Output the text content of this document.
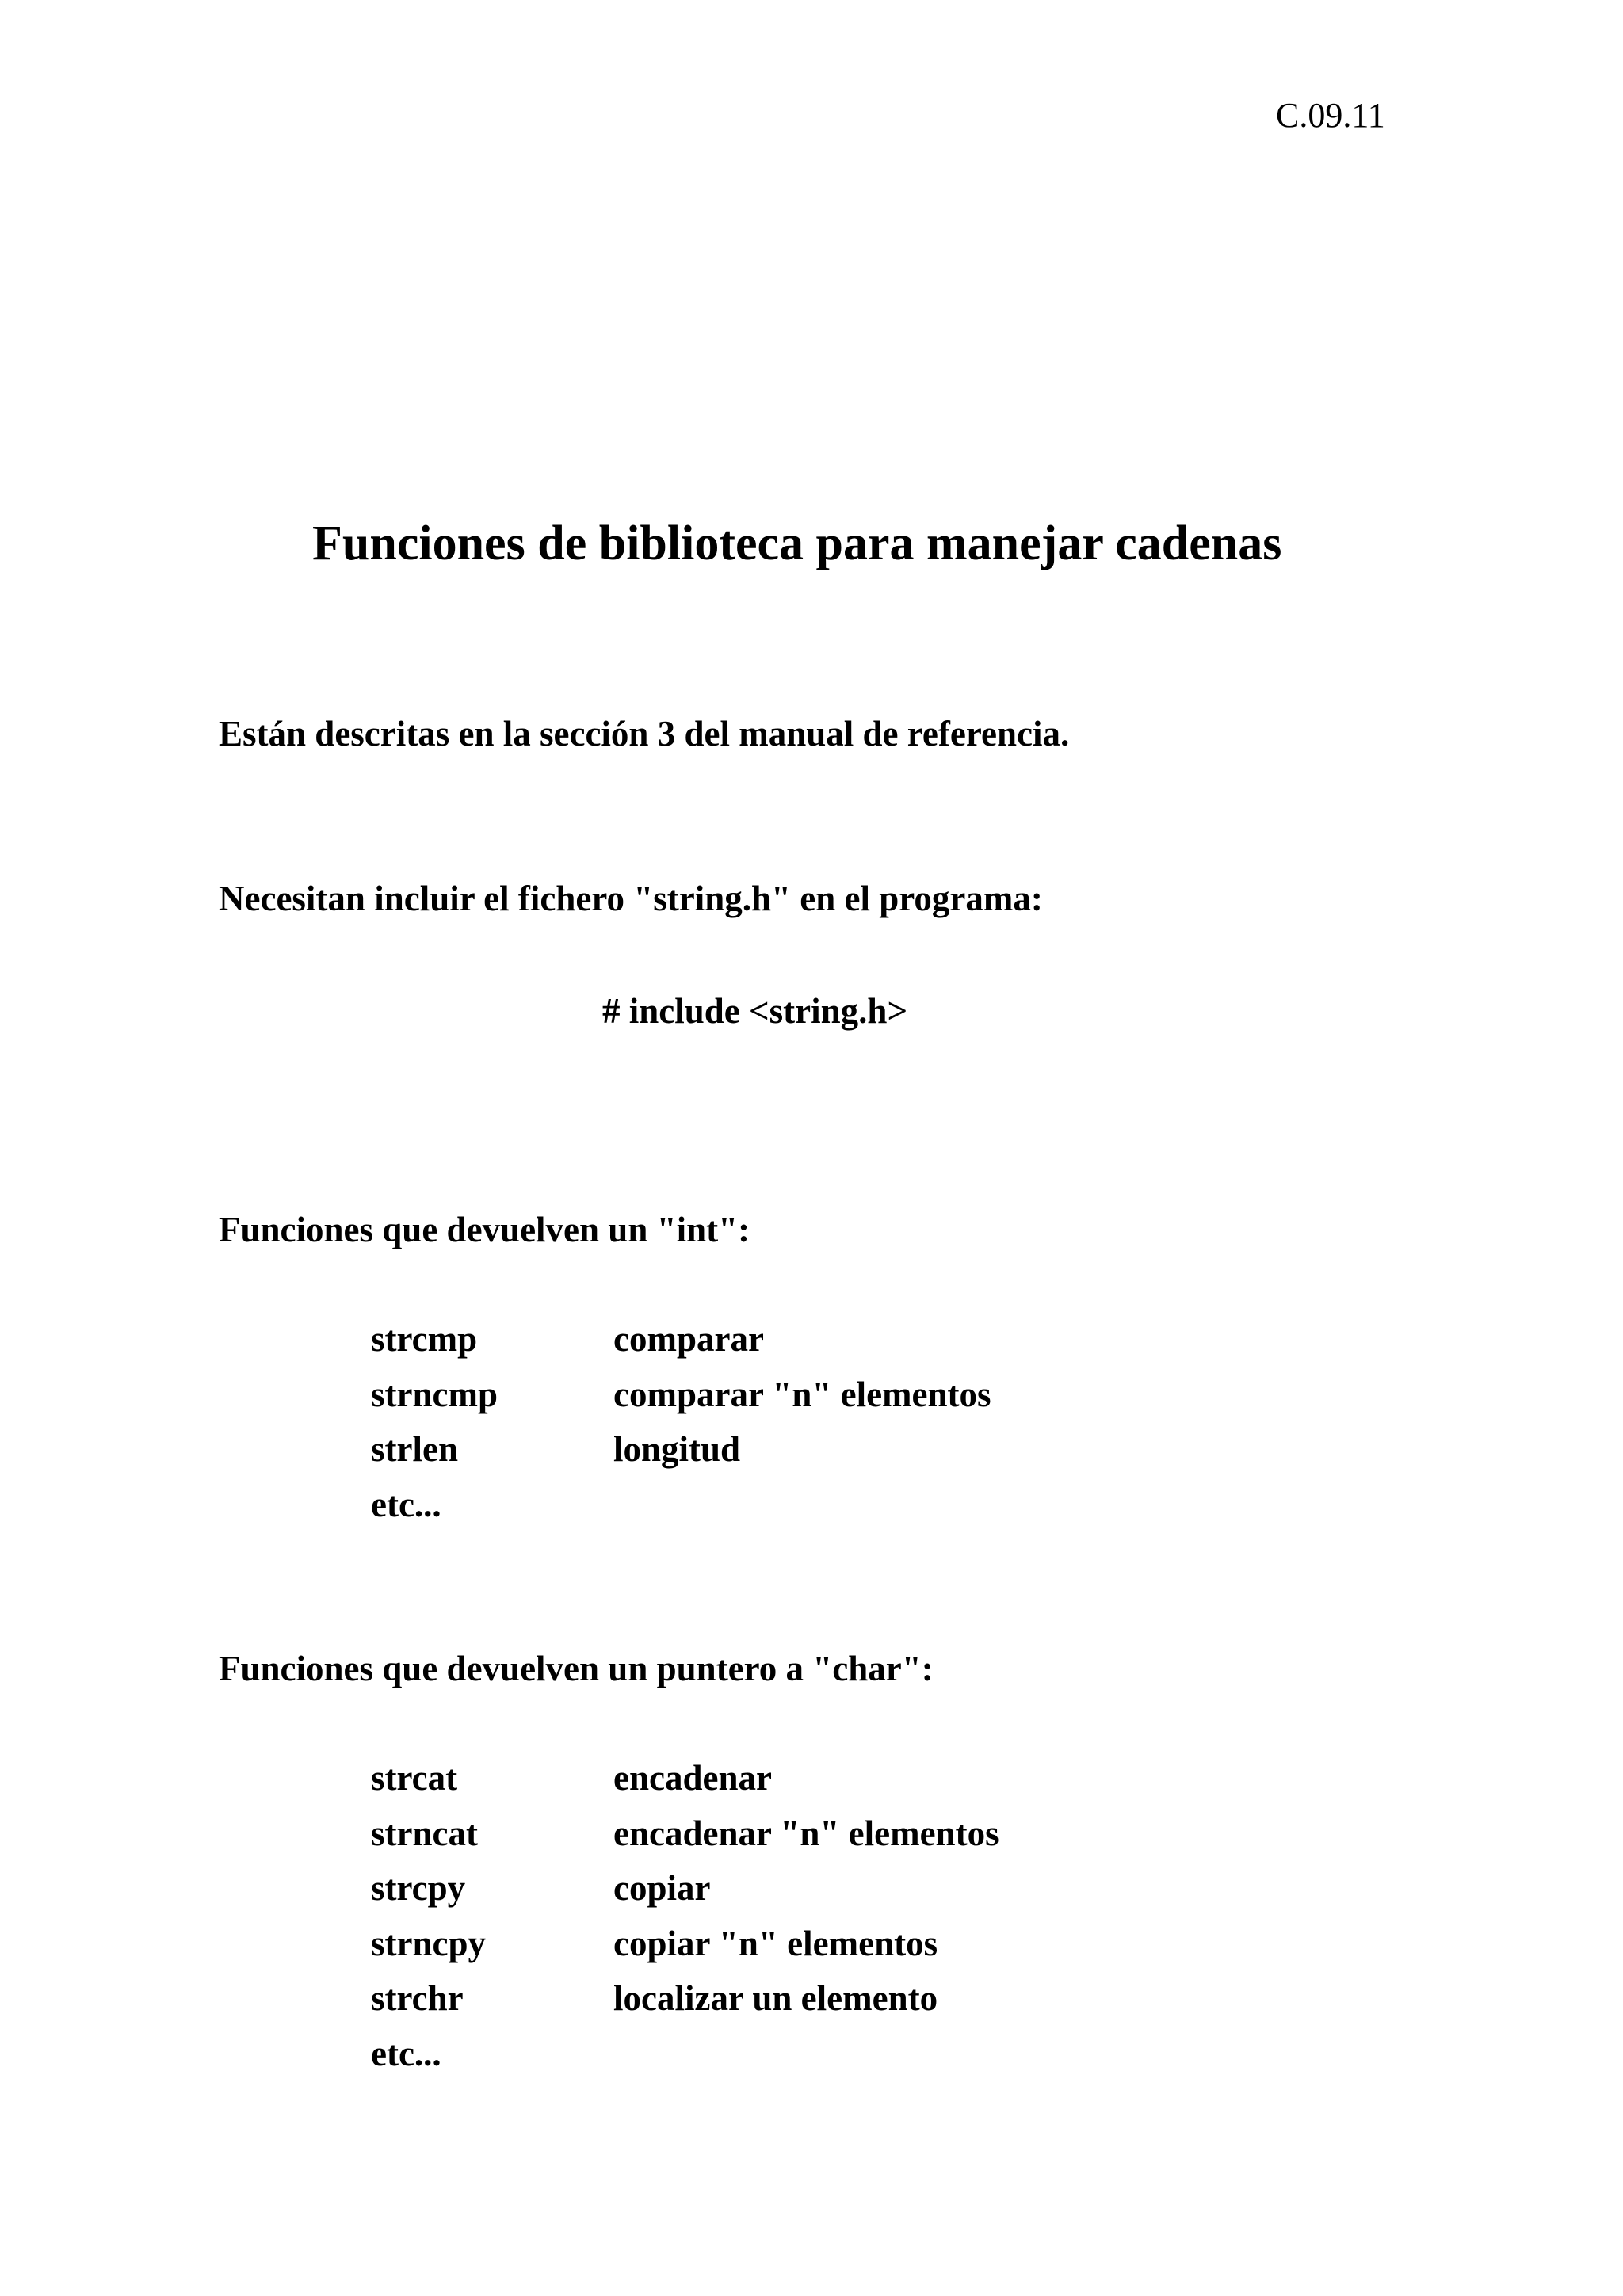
C.09.11
Funciones de biblioteca para manejar cadenas

Están descritas en la sección 3 del manual de referencia.

Necesitan incluir el fichero "string.h" en el programa:

# include <string.h>
Funciones que devuelven un "int":
strcmp	comparar
strncmp	comparar "n" elementos
strlen	longitud
etc...
Funciones que devuelven un puntero a "char":
strcat	encadenar
strncat	encadenar "n" elementos
strcpy	copiar
strncpy	copiar "n" elementos
strchr	localizar un elemento
etc...
